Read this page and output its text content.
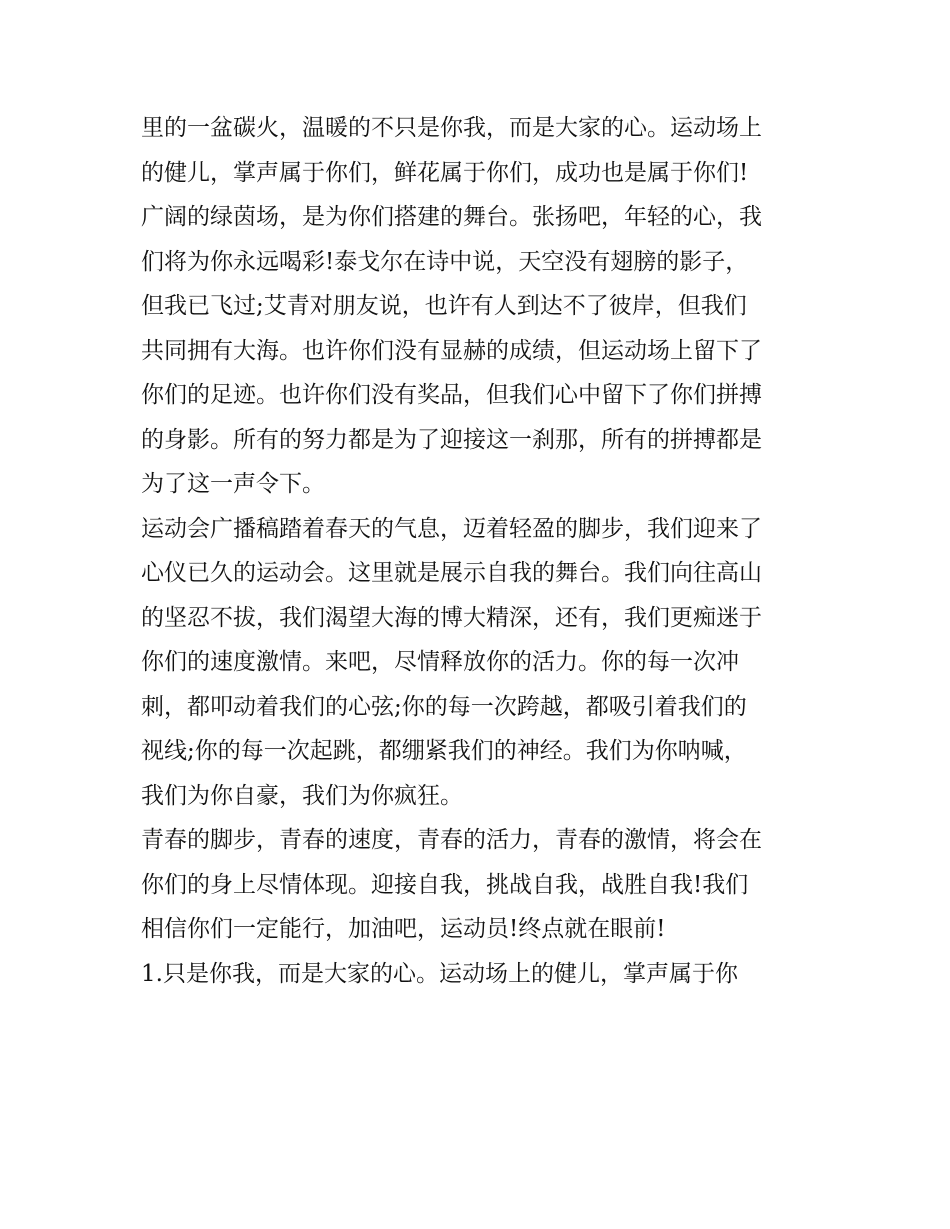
里的一盆碳火，温暖的不只是你我，而是大家的心。运动场上
的健儿，掌声属于你们，鲜花属于你们，成功也是属于你们!
广阔的绿茵场，是为你们搭建的舞台。张扬吧，年轻的心，我
们将为你永远喝彩!泰戈尔在诗中说，天空没有翅膀的影子，
但我已飞过;艾青对朋友说，也许有人到达不了彼岸，但我们
共同拥有大海。也许你们没有显赫的成绩，但运动场上留下了
你们的足迹。也许你们没有奖品，但我们心中留下了你们拼搏
的身影。所有的努力都是为了迎接这一刹那，所有的拼搏都是
为了这一声令下。
运动会广播稿踏着春天的气息，迈着轻盈的脚步，我们迎来了
心仪已久的运动会。这里就是展示自我的舞台。我们向往高山
的坚忍不拔，我们渴望大海的博大精深，还有，我们更痴迷于
你们的速度激情。来吧，尽情释放你的活力。你的每一次冲
刺，都叩动着我们的心弦;你的每一次跨越，都吸引着我们的
视线;你的每一次起跳，都绷紧我们的神经。我们为你呐喊，
我们为你自豪，我们为你疯狂。
青春的脚步，青春的速度，青春的活力，青春的激情，将会在
你们的身上尽情体现。迎接自我，挑战自我，战胜自我!我们
相信你们一定能行，加油吧，运动员!终点就在眼前!
1.只是你我，而是大家的心。运动场上的健儿，掌声属于你
